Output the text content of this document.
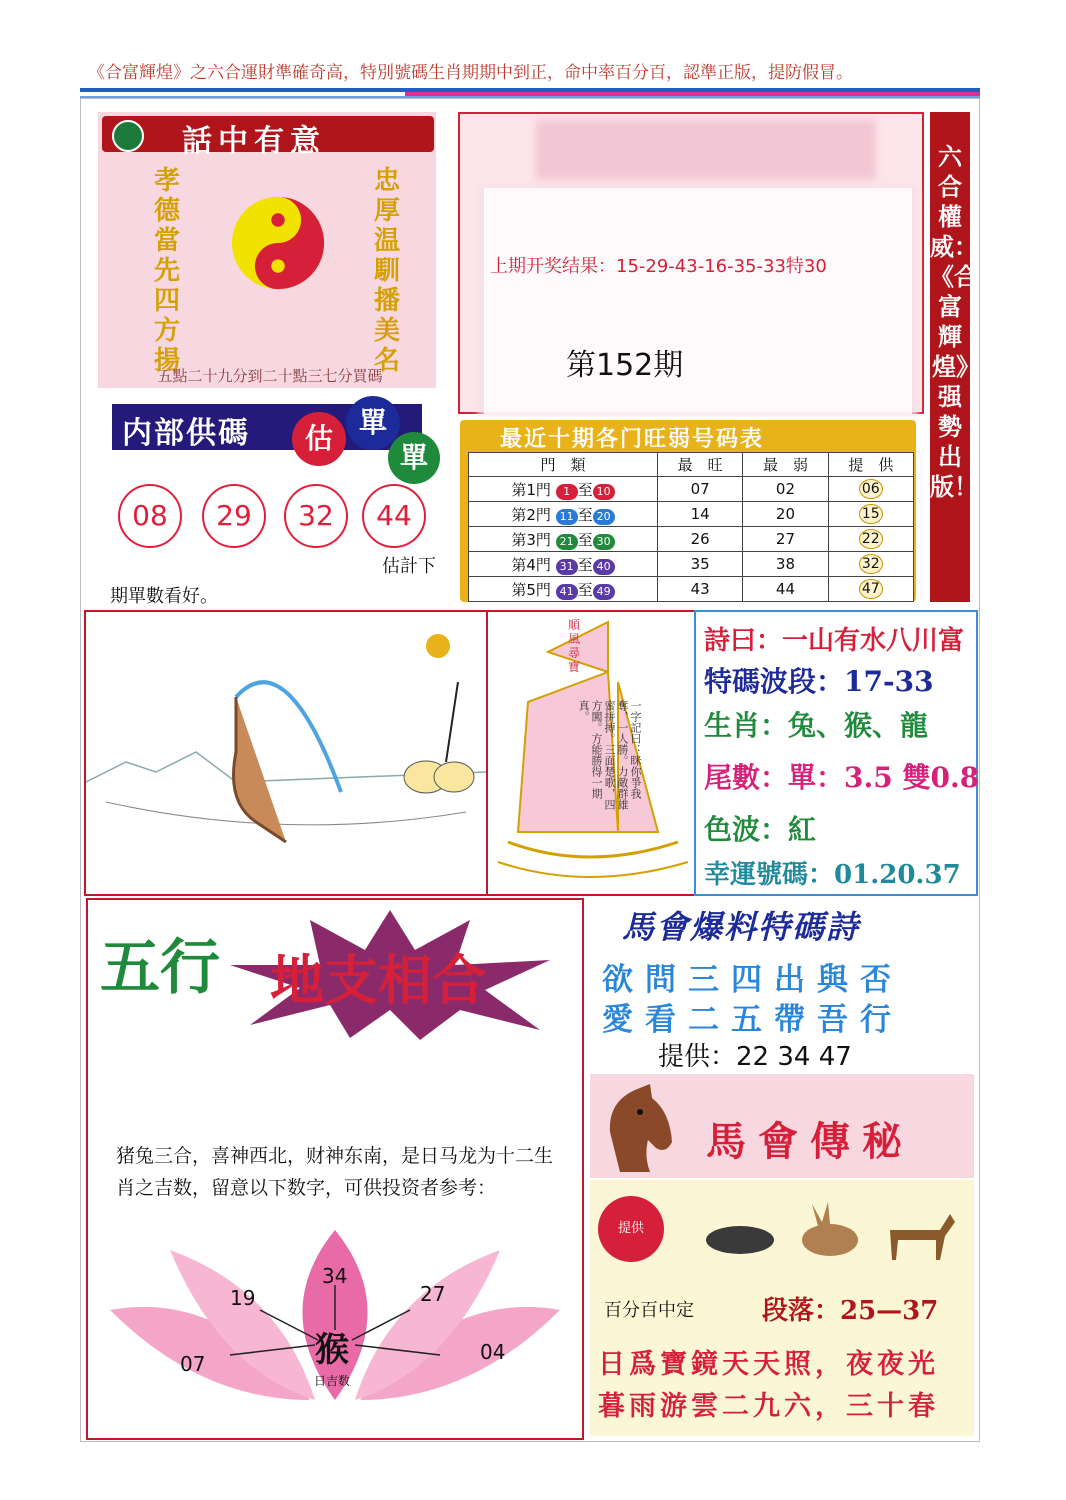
《合富輝煌》之六合運財準確奇高，特別號碼生肖期期中到正，命中率百分百，認準正版，提防假冒。
話中有意
孝德當先四方揚
忠厚温馴播美名
五點二十九分到二十點三七分買碼
内部供碼	估 單
單
08	29	32	44
估計下
期單數看好。
上期开奖结果：15-29-43-16-35-33特30
第152期
六合權威：《合富輝煌》强勢出版！
最近十期各门旺弱号码表
門　類	最　旺	最　弱	提　供
第1門 1 至 10	07	02	06
第2門 11 至 20	14	20	15
第3門 21 至 30	26	27	22
第4門 31 至 40	35	38	32
第5門 41 至 49	43	44	47
順風尋寶
一字記曰：眯你爭我奪，一人勝。力敵群雄蜜拼搏。三面楚歌，四方闖。方能勝得一期真。
詩曰：一山有水八川富
特碼波段：17-33
生肖：兔、猴、龍
尾數：單：3.5 雙0.8
色波：紅
幸運號碼：01.20.37
五行 地支相合
猪兔三合，喜神西北，财神东南，是日马龙为十二生肖之吉数，留意以下数字，可供投资者参考：
07
19
34
27
04
猴
日吉数
馬會爆料特碼詩
欲問三四出與否
愛看二五帶吾行
提供：22 34 47
馬會傳秘
提供
百分百中定	段落：25—37
日爲寶鏡天天照，夜夜光
暮雨游雲二九六，三十春
